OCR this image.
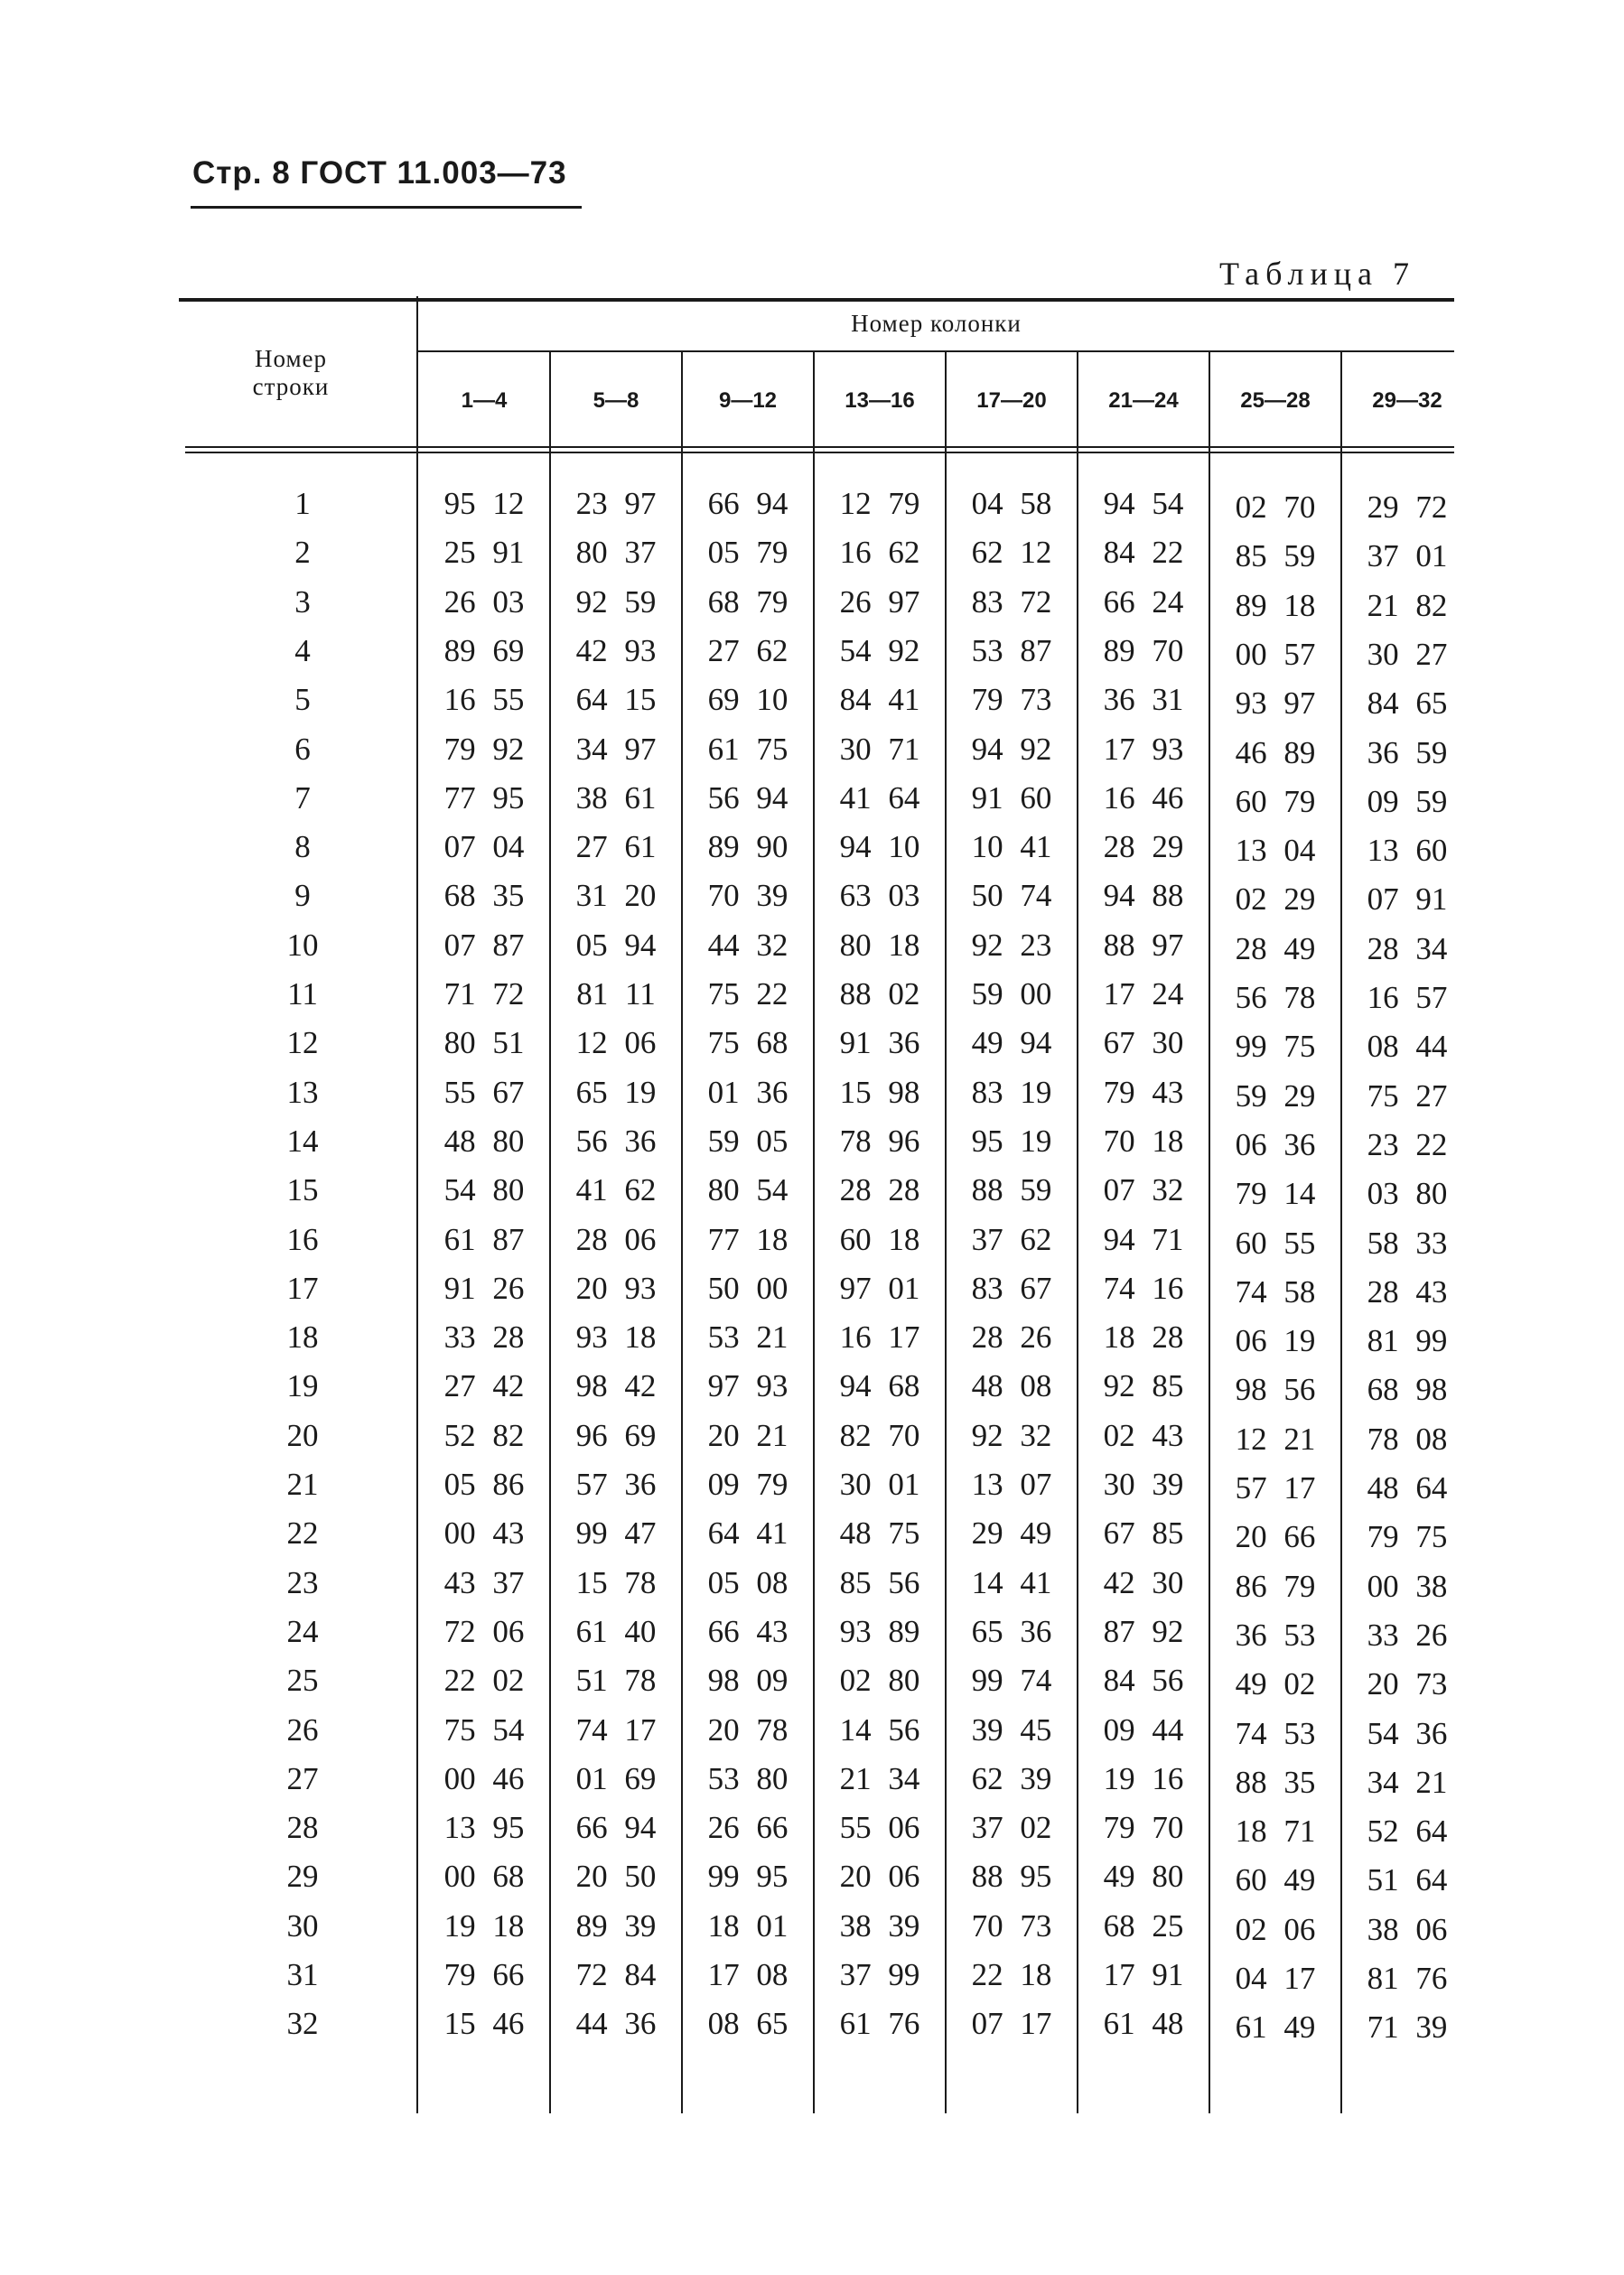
Стр. 8 ГОСТ 11.003—73
Таблица 7
Номер строки
Номер колонки
1—4	5—8	9—12	13—16	17—20	21—24	25—28	29—32
1	95 12	23 97	66 94	12 79	04 58	94 54	02 70	29 72
2	25 91	80 37	05 79	16 62	62 12	84 22	85 59	37 01
3	26 03	92 59	68 79	26 97	83 72	66 24	89 18	21 82
4	89 69	42 93	27 62	54 92	53 87	89 70	00 57	30 27
5	16 55	64 15	69 10	84 41	79 73	36 31	93 97	84 65
6	79 92	34 97	61 75	30 71	94 92	17 93	46 89	36 59
7	77 95	38 61	56 94	41 64	91 60	16 46	60 79	09 59
8	07 04	27 61	89 90	94 10	10 41	28 29	13 04	13 60
9	68 35	31 20	70 39	63 03	50 74	94 88	02 29	07 91
10	07 87	05 94	44 32	80 18	92 23	88 97	28 49	28 34
11	71 72	81 11	75 22	88 02	59 00	17 24	56 78	16 57
12	80 51	12 06	75 68	91 36	49 94	67 30	99 75	08 44
13	55 67	65 19	01 36	15 98	83 19	79 43	59 29	75 27
14	48 80	56 36	59 05	78 96	95 19	70 18	06 36	23 22
15	54 80	41 62	80 54	28 28	88 59	07 32	79 14	03 80
16	61 87	28 06	77 18	60 18	37 62	94 71	60 55	58 33
17	91 26	20 93	50 00	97 01	83 67	74 16	74 58	28 43
18	33 28	93 18	53 21	16 17	28 26	18 28	06 19	81 99
19	27 42	98 42	97 93	94 68	48 08	92 85	98 56	68 98
20	52 82	96 69	20 21	82 70	92 32	02 43	12 21	78 08
21	05 86	57 36	09 79	30 01	13 07	30 39	57 17	48 64
22	00 43	99 47	64 41	48 75	29 49	67 85	20 66	79 75
23	43 37	15 78	05 08	85 56	14 41	42 30	86 79	00 38
24	72 06	61 40	66 43	93 89	65 36	87 92	36 53	33 26
25	22 02	51 78	98 09	02 80	99 74	84 56	49 02	20 73
26	75 54	74 17	20 78	14 56	39 45	09 44	74 53	54 36
27	00 46	01 69	53 80	21 34	62 39	19 16	88 35	34 21
28	13 95	66 94	26 66	55 06	37 02	79 70	18 71	52 64
29	00 68	20 50	99 95	20 06	88 95	49 80	60 49	51 64
30	19 18	89 39	18 01	38 39	70 73	68 25	02 06	38 06
31	79 66	72 84	17 08	37 99	22 18	17 91	04 17	81 76
32	15 46	44 36	08 65	61 76	07 17	61 48	61 49	71 39
